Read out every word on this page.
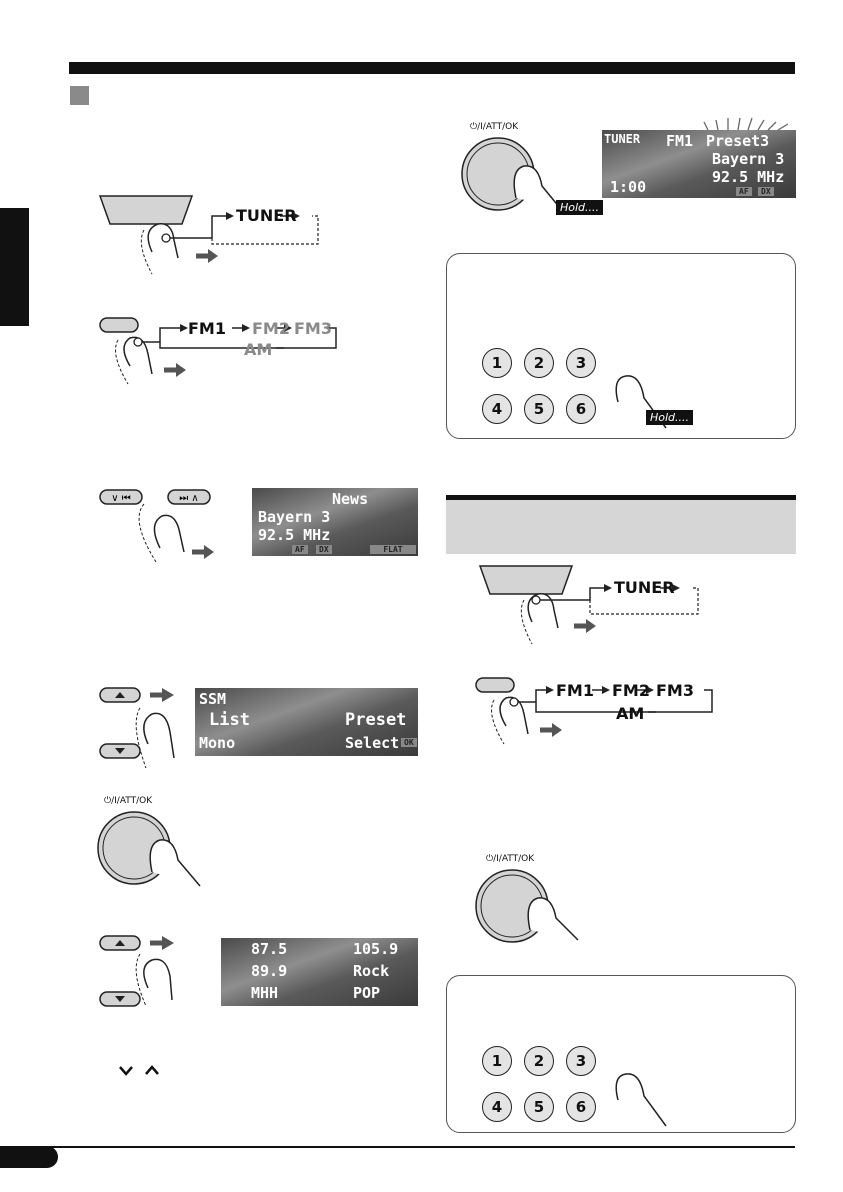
TUNER
FM1 FM2 FM3
AM
∨ ⏮	⏭ ∧	News
Bayern 3
92.5 MHz
AF	DX	FLAT
SSM
List
Mono
Preset
Select OK
⏻/I/ATT/OK
87.5	105.9
89.9	Rock
MHH	POP
⏻/I/ATT/OK
Hold....
TUNER FM1 Preset3
Bayern 3
92.5 MHz
1:00	AF	DX
1	2	3
4	5	6	Hold....
TUNER
FM1 FM2 FM3
AM
⏻/I/ATT/OK
1	2	3
4	5	6
